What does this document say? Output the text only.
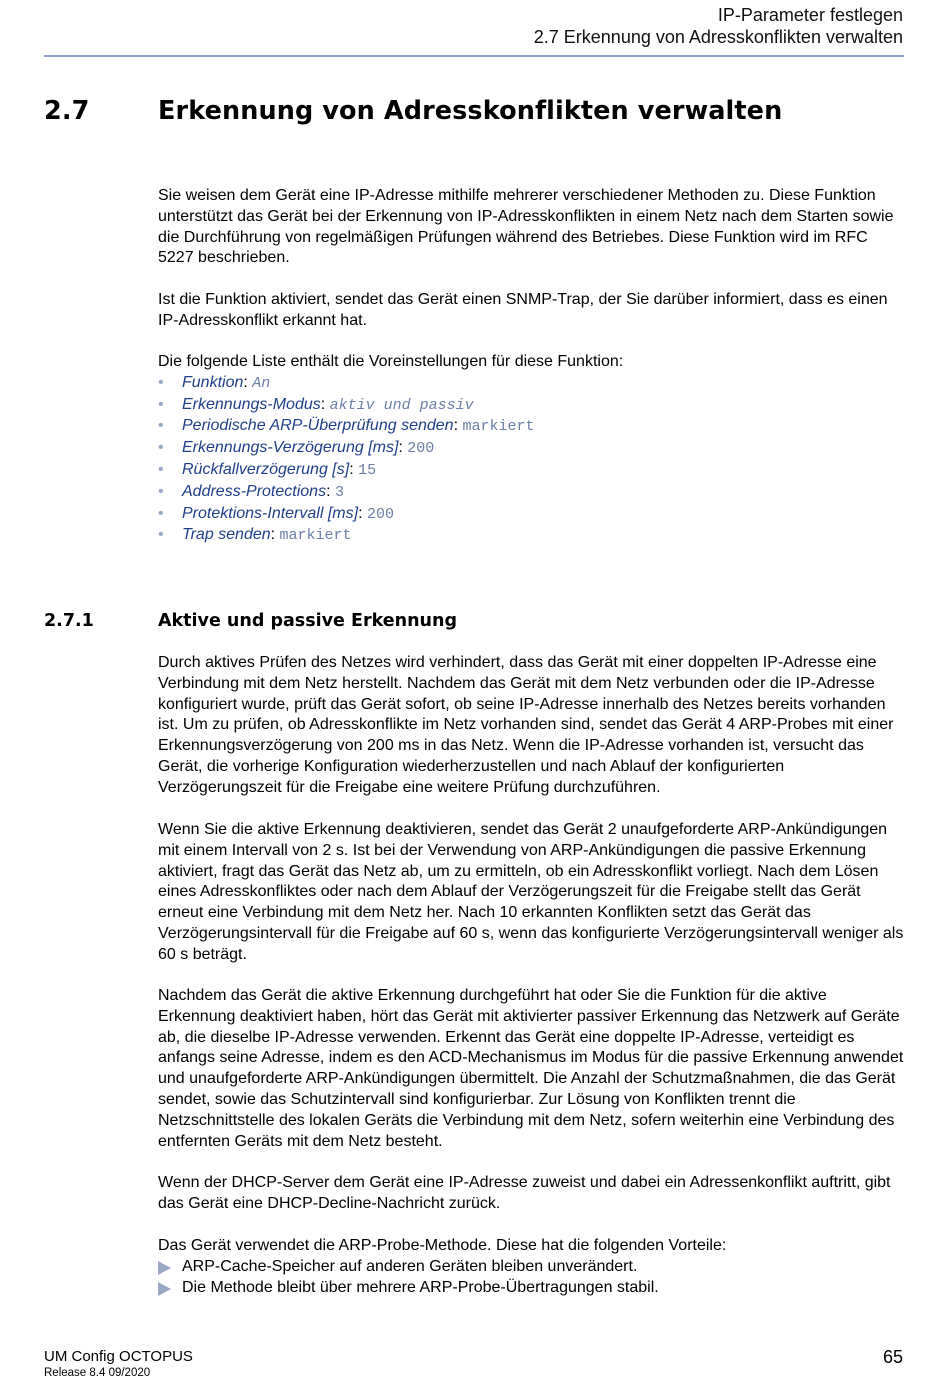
IP-Parameter festlegen
2.7 Erkennung von Adresskonflikten verwalten
2.7	Erkennung von Adresskonflikten verwalten

Sie weisen dem Gerät eine IP-Adresse mithilfe mehrerer verschiedener Methoden zu. Diese Funktion unterstützt das Gerät bei der Erkennung von IP-Adresskonflikten in einem Netz nach dem Starten sowie die Durchführung von regelmäßigen Prüfungen während des Betriebes. Diese Funktion wird im RFC 5227 beschrieben.

Ist die Funktion aktiviert, sendet das Gerät einen SNMP-Trap, der Sie darüber informiert, dass es einen IP-Adresskonflikt erkannt hat.

Die folgende Liste enthält die Voreinstellungen für diese Funktion:

• Funktion: An
• Erkennungs-Modus: aktiv und passiv
• Periodische ARP-Überprüfung senden: markiert
• Erkennungs-Verzögerung [ms]: 200
• Rückfallverzögerung [s]: 15
• Address-Protections: 3
• Protektions-Intervall [ms]: 200
• Trap senden: markiert
2.7.1	Aktive und passive Erkennung

Durch aktives Prüfen des Netzes wird verhindert, dass das Gerät mit einer doppelten IP-Adresse eine Verbindung mit dem Netz herstellt. Nachdem das Gerät mit dem Netz verbunden oder die IP-Adresse konfiguriert wurde, prüft das Gerät sofort, ob seine IP-Adresse innerhalb des Netzes bereits vorhanden ist. Um zu prüfen, ob Adresskonflikte im Netz vorhanden sind, sendet das Gerät 4 ARP-Probes mit einer Erkennungsverzögerung von 200 ms in das Netz. Wenn die IP-Adresse vorhanden ist, versucht das Gerät, die vorherige Konfiguration wiederherzustellen und nach Ablauf der konfigurierten Verzögerungszeit für die Freigabe eine weitere Prüfung durchzuführen.

Wenn Sie die aktive Erkennung deaktivieren, sendet das Gerät 2 unaufgeforderte ARP-Ankündigungen mit einem Intervall von 2 s. Ist bei der Verwendung von ARP-Ankündigungen die passive Erkennung aktiviert, fragt das Gerät das Netz ab, um zu ermitteln, ob ein Adresskonflikt vorliegt. Nach dem Lösen eines Adresskonfliktes oder nach dem Ablauf der Verzögerungszeit für die Freigabe stellt das Gerät erneut eine Verbindung mit dem Netz her. Nach 10 erkannten Konflikten setzt das Gerät das Verzögerungsintervall für die Freigabe auf 60 s, wenn das konfigurierte Verzögerungsintervall weniger als 60 s beträgt.

Nachdem das Gerät die aktive Erkennung durchgeführt hat oder Sie die Funktion für die aktive Erkennung deaktiviert haben, hört das Gerät mit aktivierter passiver Erkennung das Netzwerk auf Geräte ab, die dieselbe IP-Adresse verwenden. Erkennt das Gerät eine doppelte IP-Adresse, verteidigt es anfangs seine Adresse, indem es den ACD-Mechanismus im Modus für die passive Erkennung anwendet und unaufgeforderte ARP-Ankündigungen übermittelt. Die Anzahl der Schutzmaßnahmen, die das Gerät sendet, sowie das Schutzintervall sind konfigurierbar. Zur Lösung von Konflikten trennt die Netzschnittstelle des lokalen Geräts die Verbindung mit dem Netz, sofern weiterhin eine Verbindung des entfernten Geräts mit dem Netz besteht.

Wenn der DHCP-Server dem Gerät eine IP-Adresse zuweist und dabei ein Adressenkonflikt auftritt, gibt das Gerät eine DHCP-Decline-Nachricht zurück.

Das Gerät verwendet die ARP-Probe-Methode. Diese hat die folgenden Vorteile:

ARP-Cache-Speicher auf anderen Geräten bleiben unverändert.
Die Methode bleibt über mehrere ARP-Probe-Übertragungen stabil.
UM Config OCTOPUS
Release 8.4 09/2020
65
